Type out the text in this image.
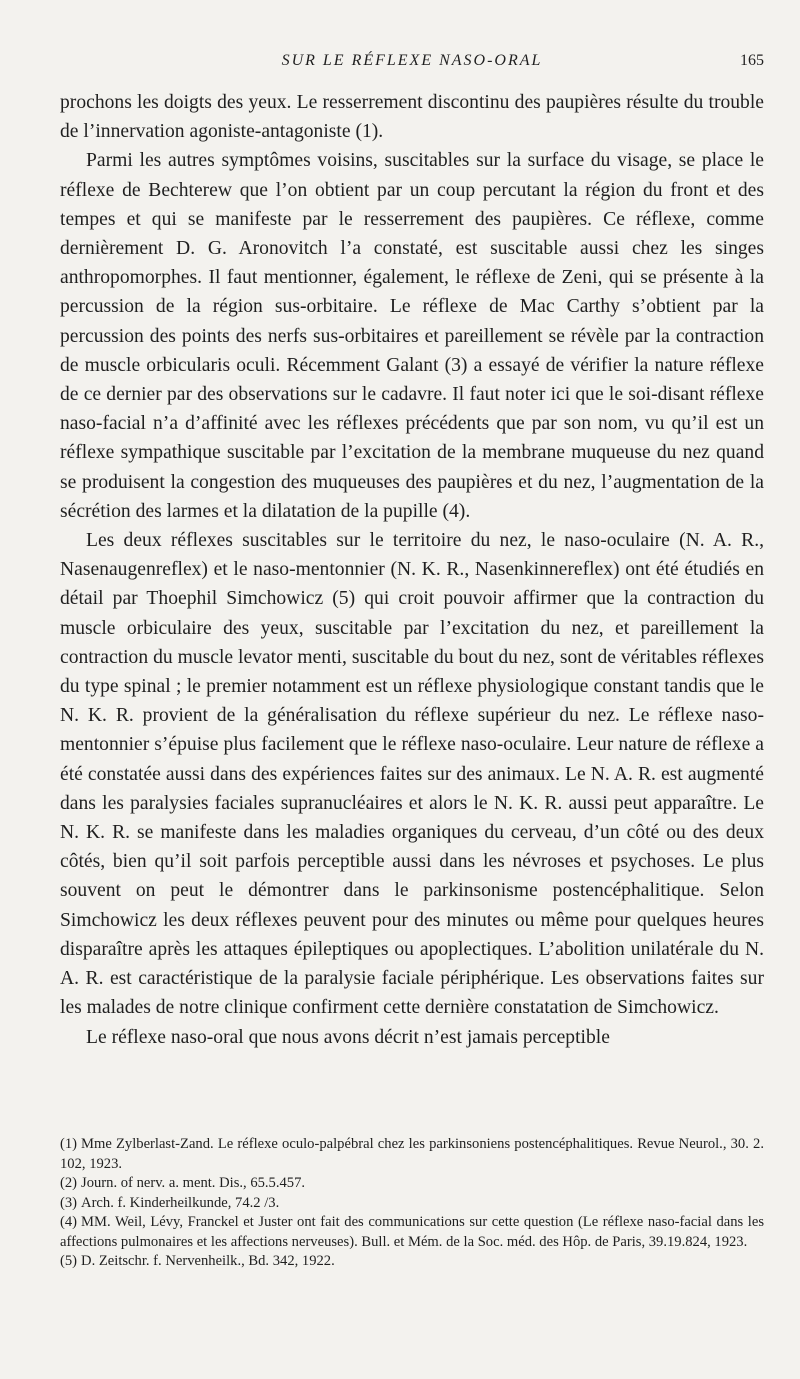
SUR LE RÉFLEXE NASO-ORAL	165

prochons les doigts des yeux. Le resserrement discontinu des paupières résulte du trouble de l’innervation agoniste-antagoniste (1).

Parmi les autres symptômes voisins, suscitables sur la surface du visage, se place le réflexe de Bechterew que l’on obtient par un coup percutant la région du front et des tempes et qui se manifeste par le resserrement des paupières. Ce réflexe, comme dernièrement D. G. Aronovitch l’a constaté, est suscitable aussi chez les singes anthropomorphes. Il faut mentionner, également, le réflexe de Zeni, qui se présente à la percussion de la région sus-orbitaire. Le réflexe de Mac Carthy s’obtient par la percussion des points des nerfs sus-orbitaires et pareillement se révèle par la contraction de muscle orbicularis oculi. Récemment Galant (3) a essayé de vérifier la nature réflexe de ce dernier par des observations sur le cadavre. Il faut noter ici que le soi-disant réflexe naso-facial n’a d’affinité avec les réflexes précédents que par son nom, vu qu’il est un réflexe sympathique suscitable par l’excitation de la membrane muqueuse du nez quand se produisent la congestion des muqueuses des paupières et du nez, l’augmentation de la sécrétion des larmes et la dilatation de la pupille (4).

Les deux réflexes suscitables sur le territoire du nez, le naso-oculaire (N. A. R., Nasenaugenreflex) et le naso-mentonnier (N. K. R., Nasenkinnereflex) ont été étudiés en détail par Thoephil Simchowicz (5) qui croit pouvoir affirmer que la contraction du muscle orbiculaire des yeux, suscitable par l’excitation du nez, et pareillement la contraction du muscle levator menti, suscitable du bout du nez, sont de véritables réflexes du type spinal ; le premier notamment est un réflexe physiologique constant tandis que le N. K. R. provient de la généralisation du réflexe supérieur du nez. Le réflexe naso-mentonnier s’épuise plus facilement que le réflexe naso-oculaire. Leur nature de réflexe a été constatée aussi dans des expériences faites sur des animaux. Le N. A. R. est augmenté dans les paralysies faciales supranucléaires et alors le N. K. R. aussi peut apparaître. Le N. K. R. se manifeste dans les maladies organiques du cerveau, d’un côté ou des deux côtés, bien qu’il soit parfois perceptible aussi dans les névroses et psychoses. Le plus souvent on peut le démontrer dans le parkinsonisme postencéphalitique. Selon Simchowicz les deux réflexes peuvent pour des minutes ou même pour quelques heures disparaître après les attaques épileptiques ou apoplectiques. L’abolition unilatérale du N. A. R. est caractéristique de la paralysie faciale périphérique. Les observations faites sur les malades de notre clinique confirment cette dernière constatation de Simchowicz.

Le réflexe naso-oral que nous avons décrit n’est jamais perceptible

(1) Mme Zylberlast-Zand. Le réflexe oculo-palpébral chez les parkinsoniens postencéphalitiques. Revue Neurol., 30. 2. 102, 1923.

(2) Journ. of nerv. a. ment. Dis., 65.5.457.

(3) Arch. f. Kinderheilkunde, 74.2 /3.

(4) MM. Weil, Lévy, Franckel et Juster ont fait des communications sur cette question (Le réflexe naso-facial dans les affections pulmonaires et les affections nerveuses). Bull. et Mém. de la Soc. méd. des Hôp. de Paris, 39.19.824, 1923.

(5) D. Zeitschr. f. Nervenheilk., Bd. 342, 1922.
